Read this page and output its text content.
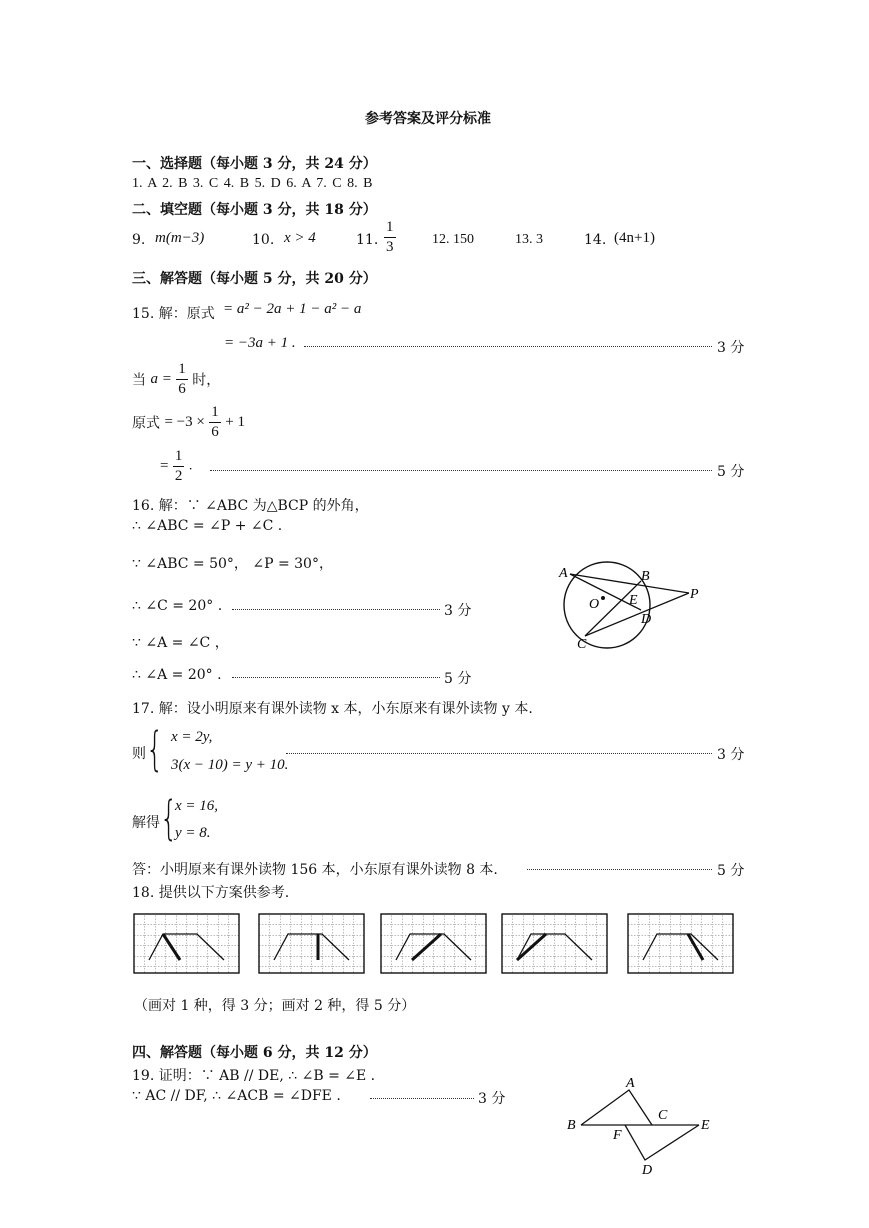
参考答案及评分标准
一、选择题（每小题 3 分，共 24 分）
1. A 2. B 3. C 4. B 5. D 6. A 7. C 8. B
二、填空题（每小题 3 分，共 18 分）
9. m(m−3)	10. x > 4	11. $\frac{1}{3}$	12. 150	13. 3	14. (4n+1)
三、解答题（每小题 5 分，共 20 分）
15. 解：原式 = a² − 2a + 1 − a² − a
= −3a + 1 .	3 分
当 $a = \frac{1}{6}$ 时，
原式 = $-3 \times \frac{1}{6} + 1$
= $\frac{1}{2}$ .	5 分
16. 解：∵ ∠ABC 为△BCP 的外角，
∴ ∠ABC = ∠P + ∠C .
∵ ∠ABC = 50°， ∠P = 30°，
∴ ∠C = 20° .	3 分
∵ ∠A = ∠C ，
∴ ∠A = 20° .	5 分
A	B
P
O E
D
C
17. 解：设小明原来有课外读物 x 本，小东原来有课外读物 y 本.
则 { x = 2y,
3(x − 10) = y + 10.
3 分
解得 {
x = 16,
y = 8.
答：小明原来有课外读物 156 本，小东原有课外读物 8 本.	5 分
18. 提供以下方案供参考.
（画对 1 种，得 3 分；画对 2 种，得 5 分）
四、解答题（每小题 6 分，共 12 分）
19. 证明：∵ AB // DE, ∴ ∠B = ∠E .
∵ AC // DF, ∴ ∠ACB = ∠DFE .	3 分
A
B
C
F
E
D
